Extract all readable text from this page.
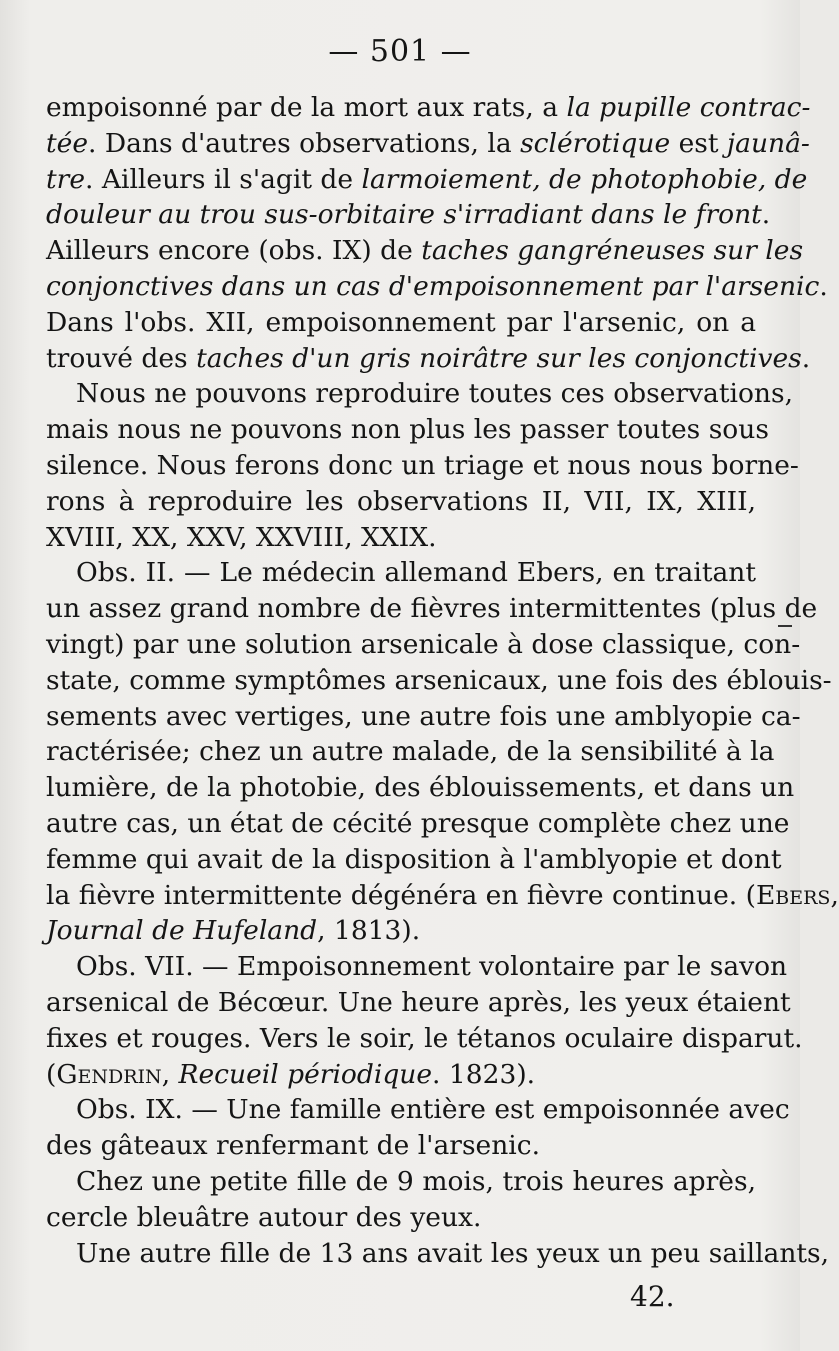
— 501 —
empoisonné par de la mort aux rats, a la pupille contrac-
tée. Dans d'autres observations, la sclérotique est jaunâ-
tre. Ailleurs il s'agit de larmoiement, de photophobie, de
douleur au trou sus-orbitaire s'irradiant dans le front.
Ailleurs encore (obs. IX) de taches gangréneuses sur les
conjonctives dans un cas d'empoisonnement par l'arsenic.
Dans l'obs. XII, empoisonnement par l'arsenic, on a
trouvé des taches d'un gris noirâtre sur les conjonctives.
Nous ne pouvons reproduire toutes ces observations,
mais nous ne pouvons non plus les passer toutes sous
silence. Nous ferons donc un triage et nous nous borne-
rons à reproduire les observations II, VII, IX, XIII,
XVIII, XX, XXV, XXVIII, XXIX.
Obs. II. — Le médecin allemand Ebers, en traitant
un assez grand nombre de fièvres intermittentes (plus de
vingt) par une solution arsenicale à dose classique, con-
state, comme symptômes arsenicaux, une fois des éblouis-
sements avec vertiges, une autre fois une amblyopie ca-
ractérisée; chez un autre malade, de la sensibilité à la
lumière, de la photobie, des éblouissements, et dans un
autre cas, un état de cécité presque complète chez une
femme qui avait de la disposition à l'amblyopie et dont
la fièvre intermittente dégénéra en fièvre continue. (Ebers,
Journal de Hufeland, 1813).
Obs. VII. — Empoisonnement volontaire par le savon
arsenical de Bécœur. Une heure après, les yeux étaient
fixes et rouges. Vers le soir, le tétanos oculaire disparut.
(Gendrin, Recueil périodique. 1823).
Obs. IX. — Une famille entière est empoisonnée avec
des gâteaux renfermant de l'arsenic.
Chez une petite fille de 9 mois, trois heures après,
cercle bleuâtre autour des yeux.
Une autre fille de 13 ans avait les yeux un peu saillants,
42.
